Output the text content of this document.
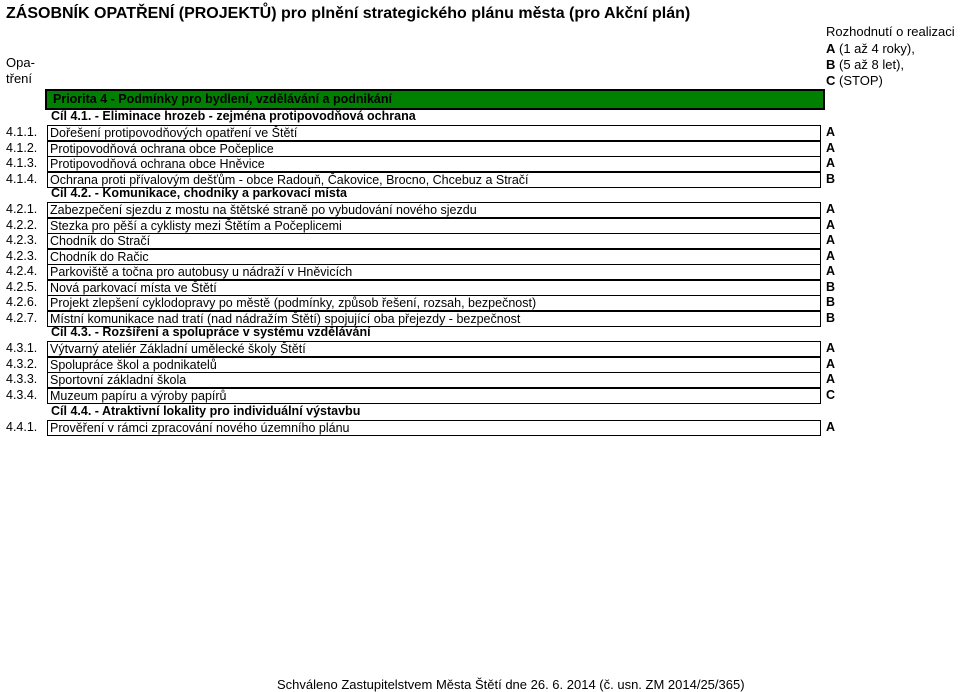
ZÁSOBNÍK OPATŘENÍ (PROJEKTŮ) pro plnění strategického plánu města (pro Akční plán)
Rozhodnutí o realizaci
A (1 až 4 roky),
B (5 až 8 let),
C (STOP)
Opa-
tření
Priorita 4 - Podmínky pro bydlení, vzdělávání a podnikání
Cíl 4.1. - Eliminace hrozeb - zejména protipovodňová ochrana
4.1.1. Dořešení protipovodňových opatření ve Štětí	A
4.1.2. Protipovodňová ochrana obce Počeplice	A
4.1.3. Protipovodňová ochrana obce Hněvice	A
4.1.4. Ochrana proti přívalovým dešťům - obce Radouň, Čakovice, Brocno, Chcebuz a Stračí	B
Cíl 4.2. - Komunikace, chodníky a parkovací místa
4.2.1. Zabezpečení sjezdu z mostu na štětské straně po vybudování nového sjezdu	A
4.2.2. Stezka pro pěší a cyklisty mezi Štětím a Počeplicemi	A
4.2.3. Chodník do Stračí	A
4.2.3. Chodník do Račic	A
4.2.4. Parkoviště a točna pro autobusy u nádraží v Hněvicích	A
4.2.5. Nová parkovací místa ve Štětí	B
4.2.6. Projekt zlepšení cyklodopravy po městě (podmínky, způsob řešení, rozsah, bezpečnost)	B
4.2.7. Místní komunikace nad tratí (nad nádražím Štětí) spojující oba přejezdy - bezpečnost	B
Cíl 4.3. - Rozšíření a spolupráce v systému vzdělávání
4.3.1. Výtvarný ateliér Základní umělecké školy Štětí	A
4.3.2. Spolupráce škol a podnikatelů	A
4.3.3. Sportovní základní škola	A
4.3.4. Muzeum papíru a výroby papírů	C
Cíl 4.4. - Atraktivní lokality pro individuální výstavbu
4.4.1. Prověření v rámci zpracování nového územního plánu	A
Schváleno Zastupitelstvem Města Štětí dne 26. 6. 2014 (č. usn. ZM 2014/25/365)
